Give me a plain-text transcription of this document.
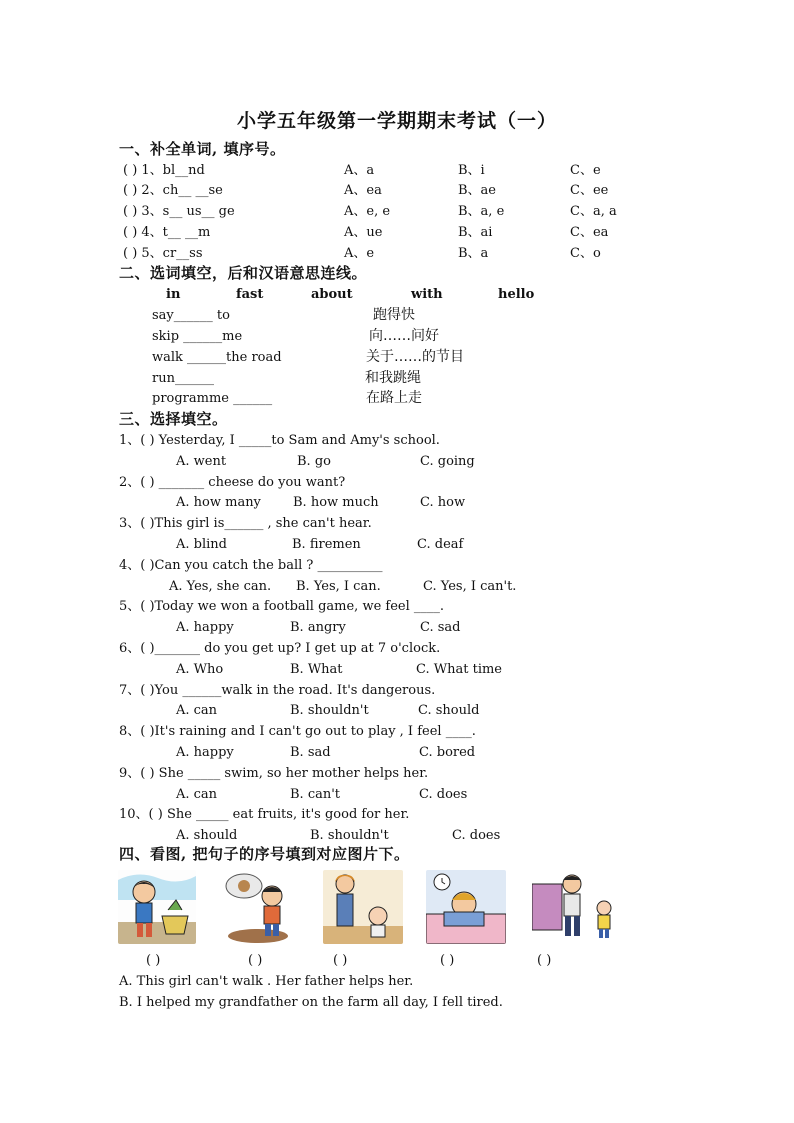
小学五年级第一学期期末考试（一）
一、补全单词, 填序号。
( ) 1、bl__nd	A、a	B、i	C、e
( ) 2、ch__ __se	A、ea	B、ae	C、ee
( ) 3、s__ us__ ge	A、e, e	B、a, e	C、a, a
( ) 4、t__ __m	A、ue	B、ai	C、ea
( ) 5、cr__ss	A、e	B、a	C、o
二、选词填空，后和汉语意思连线。
in	fast	about	with	hello
say______ to
skip ______me
walk ______the road
run______
programme ______
跑得快
向……问好
关于……的节目
和我跳绳
在路上走
三、选择填空。
1、( ) Yesterday, I _____to Sam and Amy's school.
A. went	B. go	C. going
2、( ) _______ cheese do you want?
A. how many B. how much	C. how
3、( )This girl is______ , she can't hear.
A. blind	B. firemen	C. deaf
4、( )Can you catch the ball ? __________
A. Yes, she can. B. Yes, I can.	C. Yes, I can't.
5、( )Today we won a football game, we feel ____.
A. happy	B. angry	C. sad
6、( )_______ do you get up? I get up at 7 o'clock.
A. Who	B. What	C. What time
7、( )You ______walk in the road. It's dangerous.
A. can	B. shouldn't	C. should
8、( )It's raining and I can't go out to play , I feel ____.
A. happy	B. sad	C. bored
9、( ) She _____ swim, so her mother helps her.
A. can	B. can't	C. does
10、( ) She _____ eat fruits, it's good for her.
A. should	B. shouldn't	C. does
四、看图, 把句子的序号填到对应图片下。
( )	( )	( )	( )	( )
A. This girl can't walk . Her father helps her.
B. I helped my grandfather on the farm all day, I fell tired.
